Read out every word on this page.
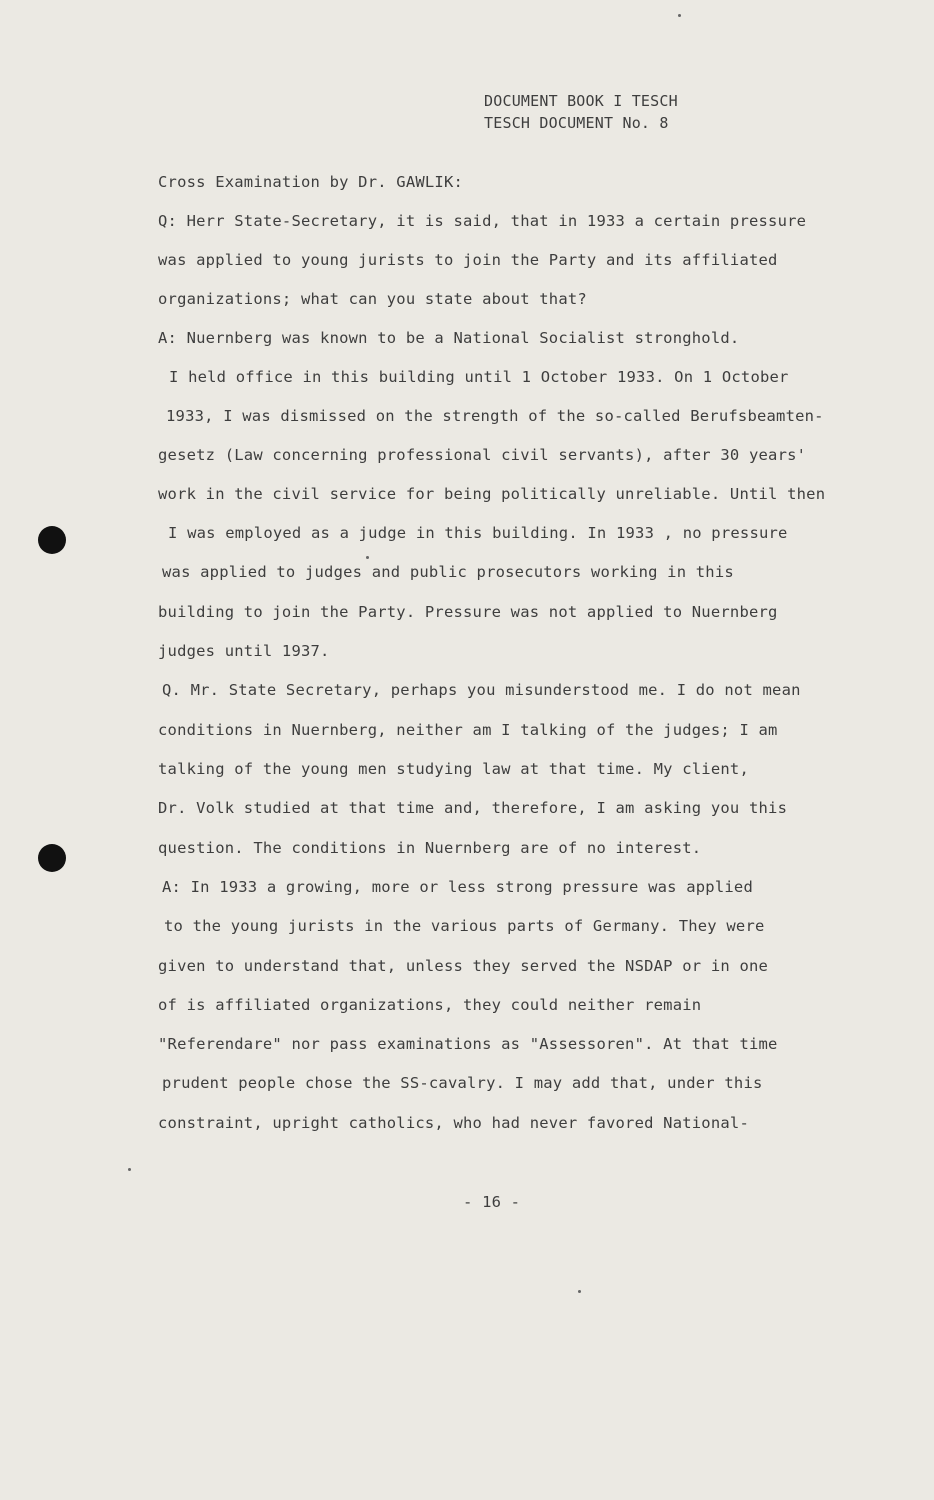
DOCUMENT BOOK I TESCH
TESCH DOCUMENT No. 8
Cross Examination by Dr. GAWLIK:
Q: Herr State-Secretary, it is said, that in 1933 a certain pressure
was applied to young jurists to join the Party and its affiliated
organizations; what can you state about that?
A: Nuernberg was known to be a National Socialist stronghold.
I held office in this building until 1 October 1933. On 1 October
1933, I was dismissed on the strength of the so-called Berufsbeamten-
gesetz (Law concerning professional civil servants), after 30 years'
work in the civil service for being politically unreliable. Until then
I was employed as a judge in this building. In 1933 , no pressure
was applied to judges and public prosecutors working in this
building to join the Party. Pressure was not applied to Nuernberg
judges until 1937.
Q. Mr. State Secretary, perhaps you misunderstood me. I do not mean
conditions in Nuernberg, neither am I talking of the judges; I am
talking of the young men studying law at that time. My client,
Dr. Volk studied at that time and, therefore, I am asking you this
question. The conditions in Nuernberg are of no interest.
A: In 1933 a growing, more or less strong pressure was applied
to the young jurists in the various parts of Germany. They were
given to understand that, unless they served the NSDAP or in one
of is affiliated organizations, they could neither remain
"Referendare" nor pass examinations as "Assessoren". At that time
prudent people chose the SS-cavalry. I may add that, under this
constraint, upright catholics, who had never favored National-
- 16 -
